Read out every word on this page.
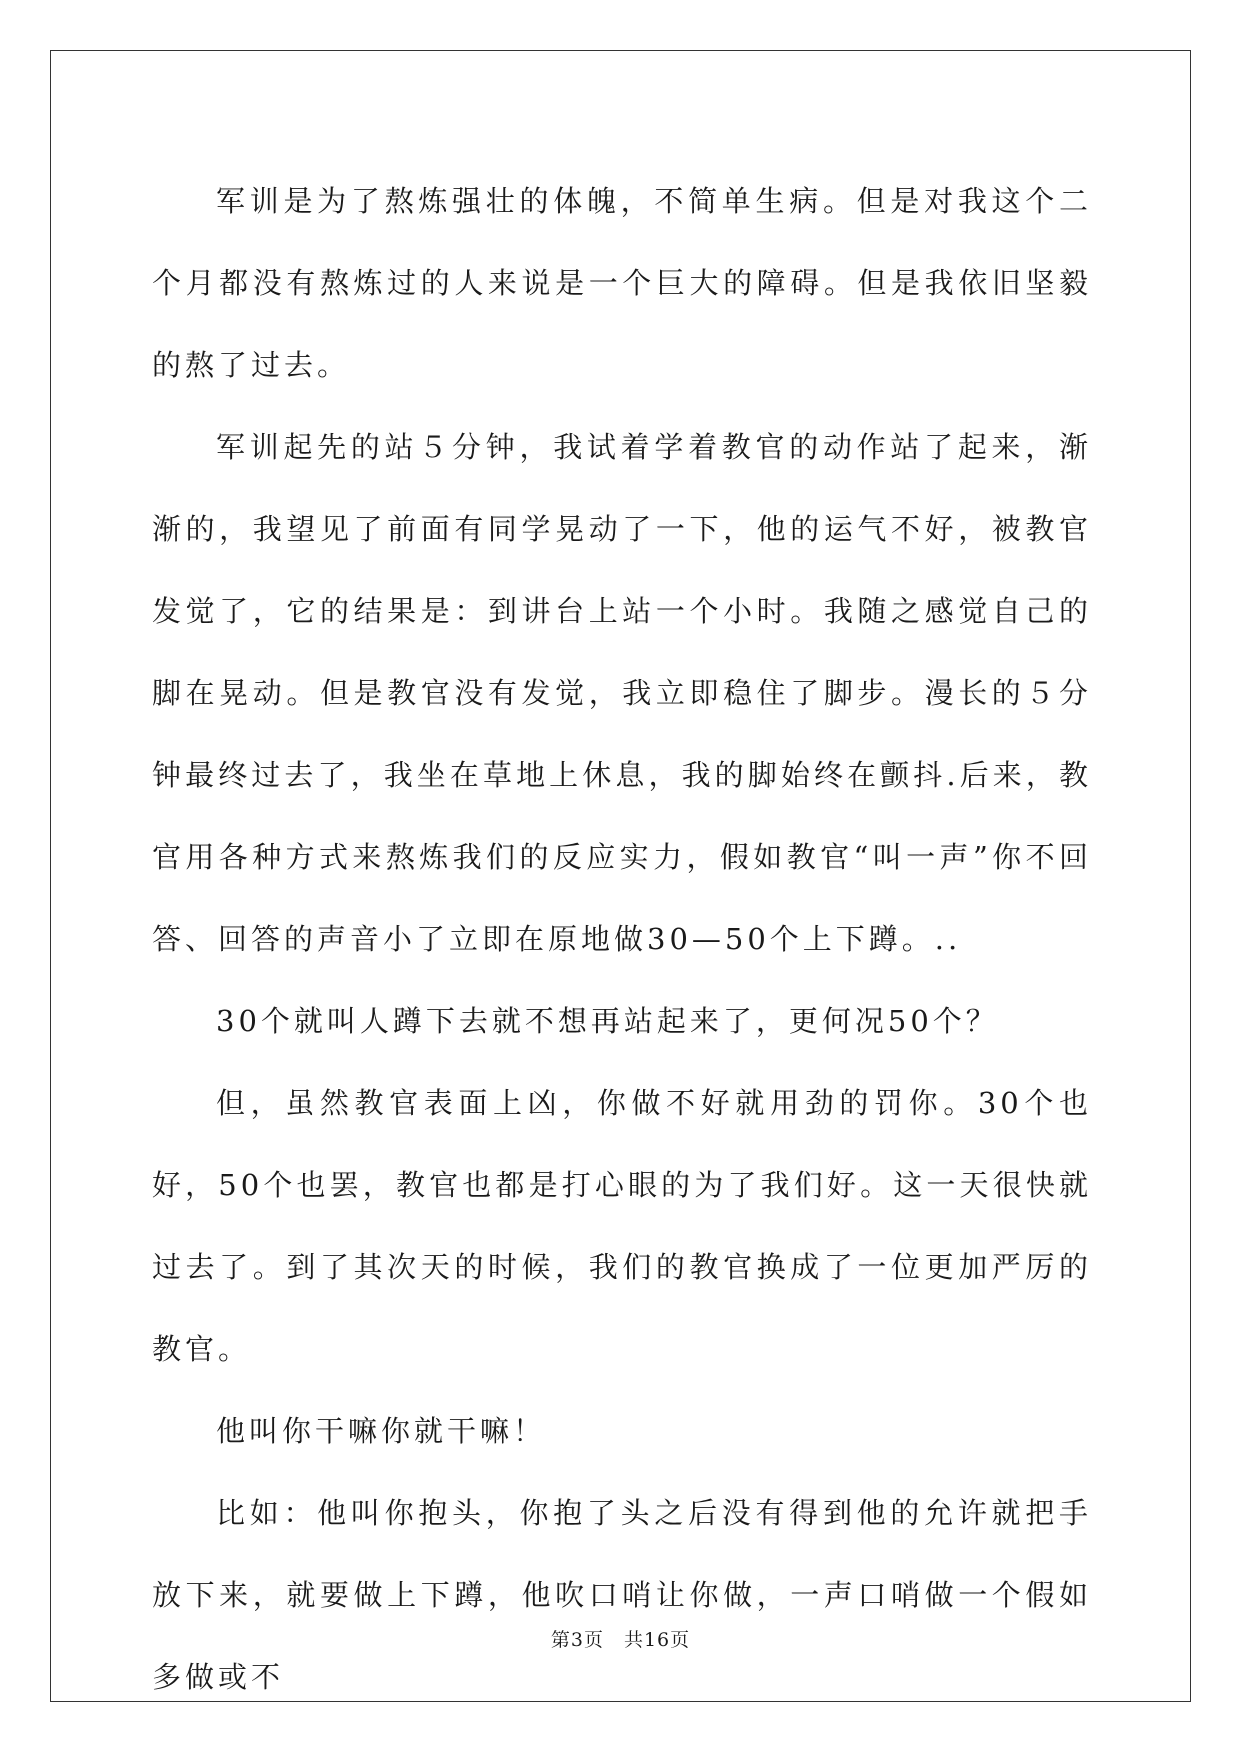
军训是为了熬炼强壮的体魄，不简单生病。但是对我这个二个月都没有熬炼过的人来说是一个巨大的障碍。但是我依旧坚毅的熬了过去。

军训起先的站５分钟，我试着学着教官的动作站了起来，渐渐的，我望见了前面有同学晃动了一下，他的运气不好，被教官发觉了，它的结果是：到讲台上站一个小时。我随之感觉自己的脚在晃动。但是教官没有发觉，我立即稳住了脚步。漫长的５分钟最终过去了，我坐在草地上休息，我的脚始终在颤抖.后来，教官用各种方式来熬炼我们的反应实力，假如教官“叫一声”你不回答、回答的声音小了立即在原地做30—50个上下蹲。..

30个就叫人蹲下去就不想再站起来了，更何况50个？

但，虽然教官表面上凶，你做不好就用劲的罚你。30个也好，50个也罢，教官也都是打心眼的为了我们好。这一天很快就过去了。到了其次天的时候，我们的教官换成了一位更加严厉的教官。

他叫你干嘛你就干嘛！

比如：他叫你抱头，你抱了头之后没有得到他的允许就把手放下来，就要做上下蹲，他吹口哨让你做，一声口哨做一个假如多做或不

第3页　共16页
